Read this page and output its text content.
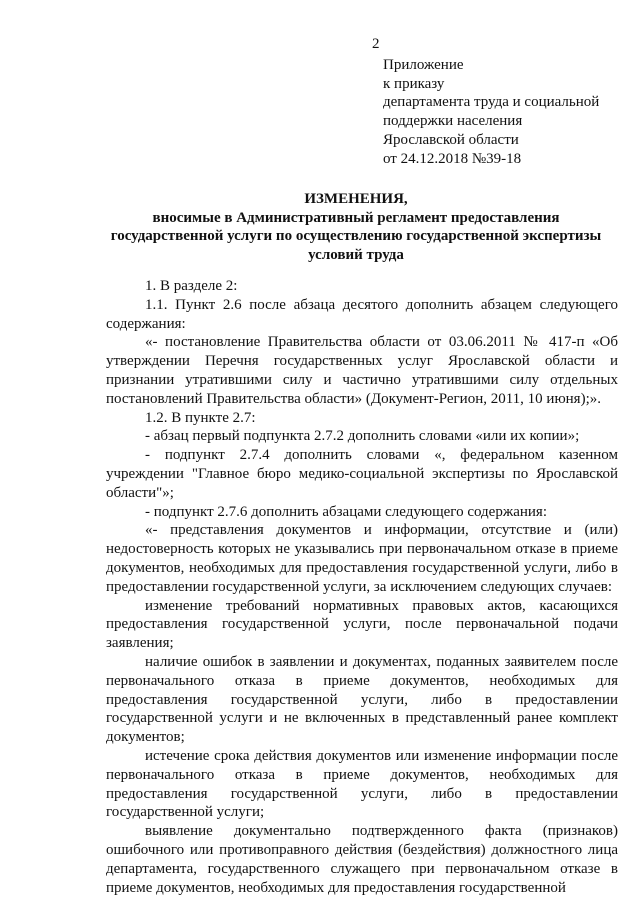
2
Приложение
к приказу
департамента труда и социальной
поддержки населения
Ярославской области
от 24.12.2018 №39-18
ИЗМЕНЕНИЯ,
вносимые в Административный регламент предоставления
государственной услуги по осуществлению государственной экспертизы
условий труда

1. В разделе 2:

1.1. Пункт 2.6 после абзаца десятого дополнить абзацем следующего содержания:

«- постановление Правительства области от 03.06.2011 № 417-п «Об утверждении Перечня государственных услуг Ярославской области и признании утратившими силу и частично утратившими силу отдельных постановлений Правительства области» (Документ-Регион, 2011, 10 июня);».

1.2. В пункте 2.7:

- абзац первый подпункта 2.7.2 дополнить словами «или их копии»;

- подпункт 2.7.4 дополнить словами «, федеральном казенном учреждении "Главное бюро медико-социальной экспертизы по Ярославской области"»;

- подпункт 2.7.6 дополнить абзацами следующего содержания:

«- представления документов и информации, отсутствие и (или) недостоверность которых не указывались при первоначальном отказе в приеме документов, необходимых для предоставления государственной услуги, либо в предоставлении государственной услуги, за исключением следующих случаев:

изменение требований нормативных правовых актов, касающихся предоставления государственной услуги, после первоначальной подачи заявления;

наличие ошибок в заявлении и документах, поданных заявителем после первоначального отказа в приеме документов, необходимых для предоставления государственной услуги, либо в предоставлении государственной услуги и не включенных в представленный ранее комплект документов;

истечение срока действия документов или изменение информации после первоначального отказа в приеме документов, необходимых для предоставления государственной услуги, либо в предоставлении государственной услуги;

выявление документально подтвержденного факта (признаков) ошибочного или противоправного действия (бездействия) должностного лица департамента, государственного служащего при первоначальном отказе в приеме документов, необходимых для предоставления государственной
